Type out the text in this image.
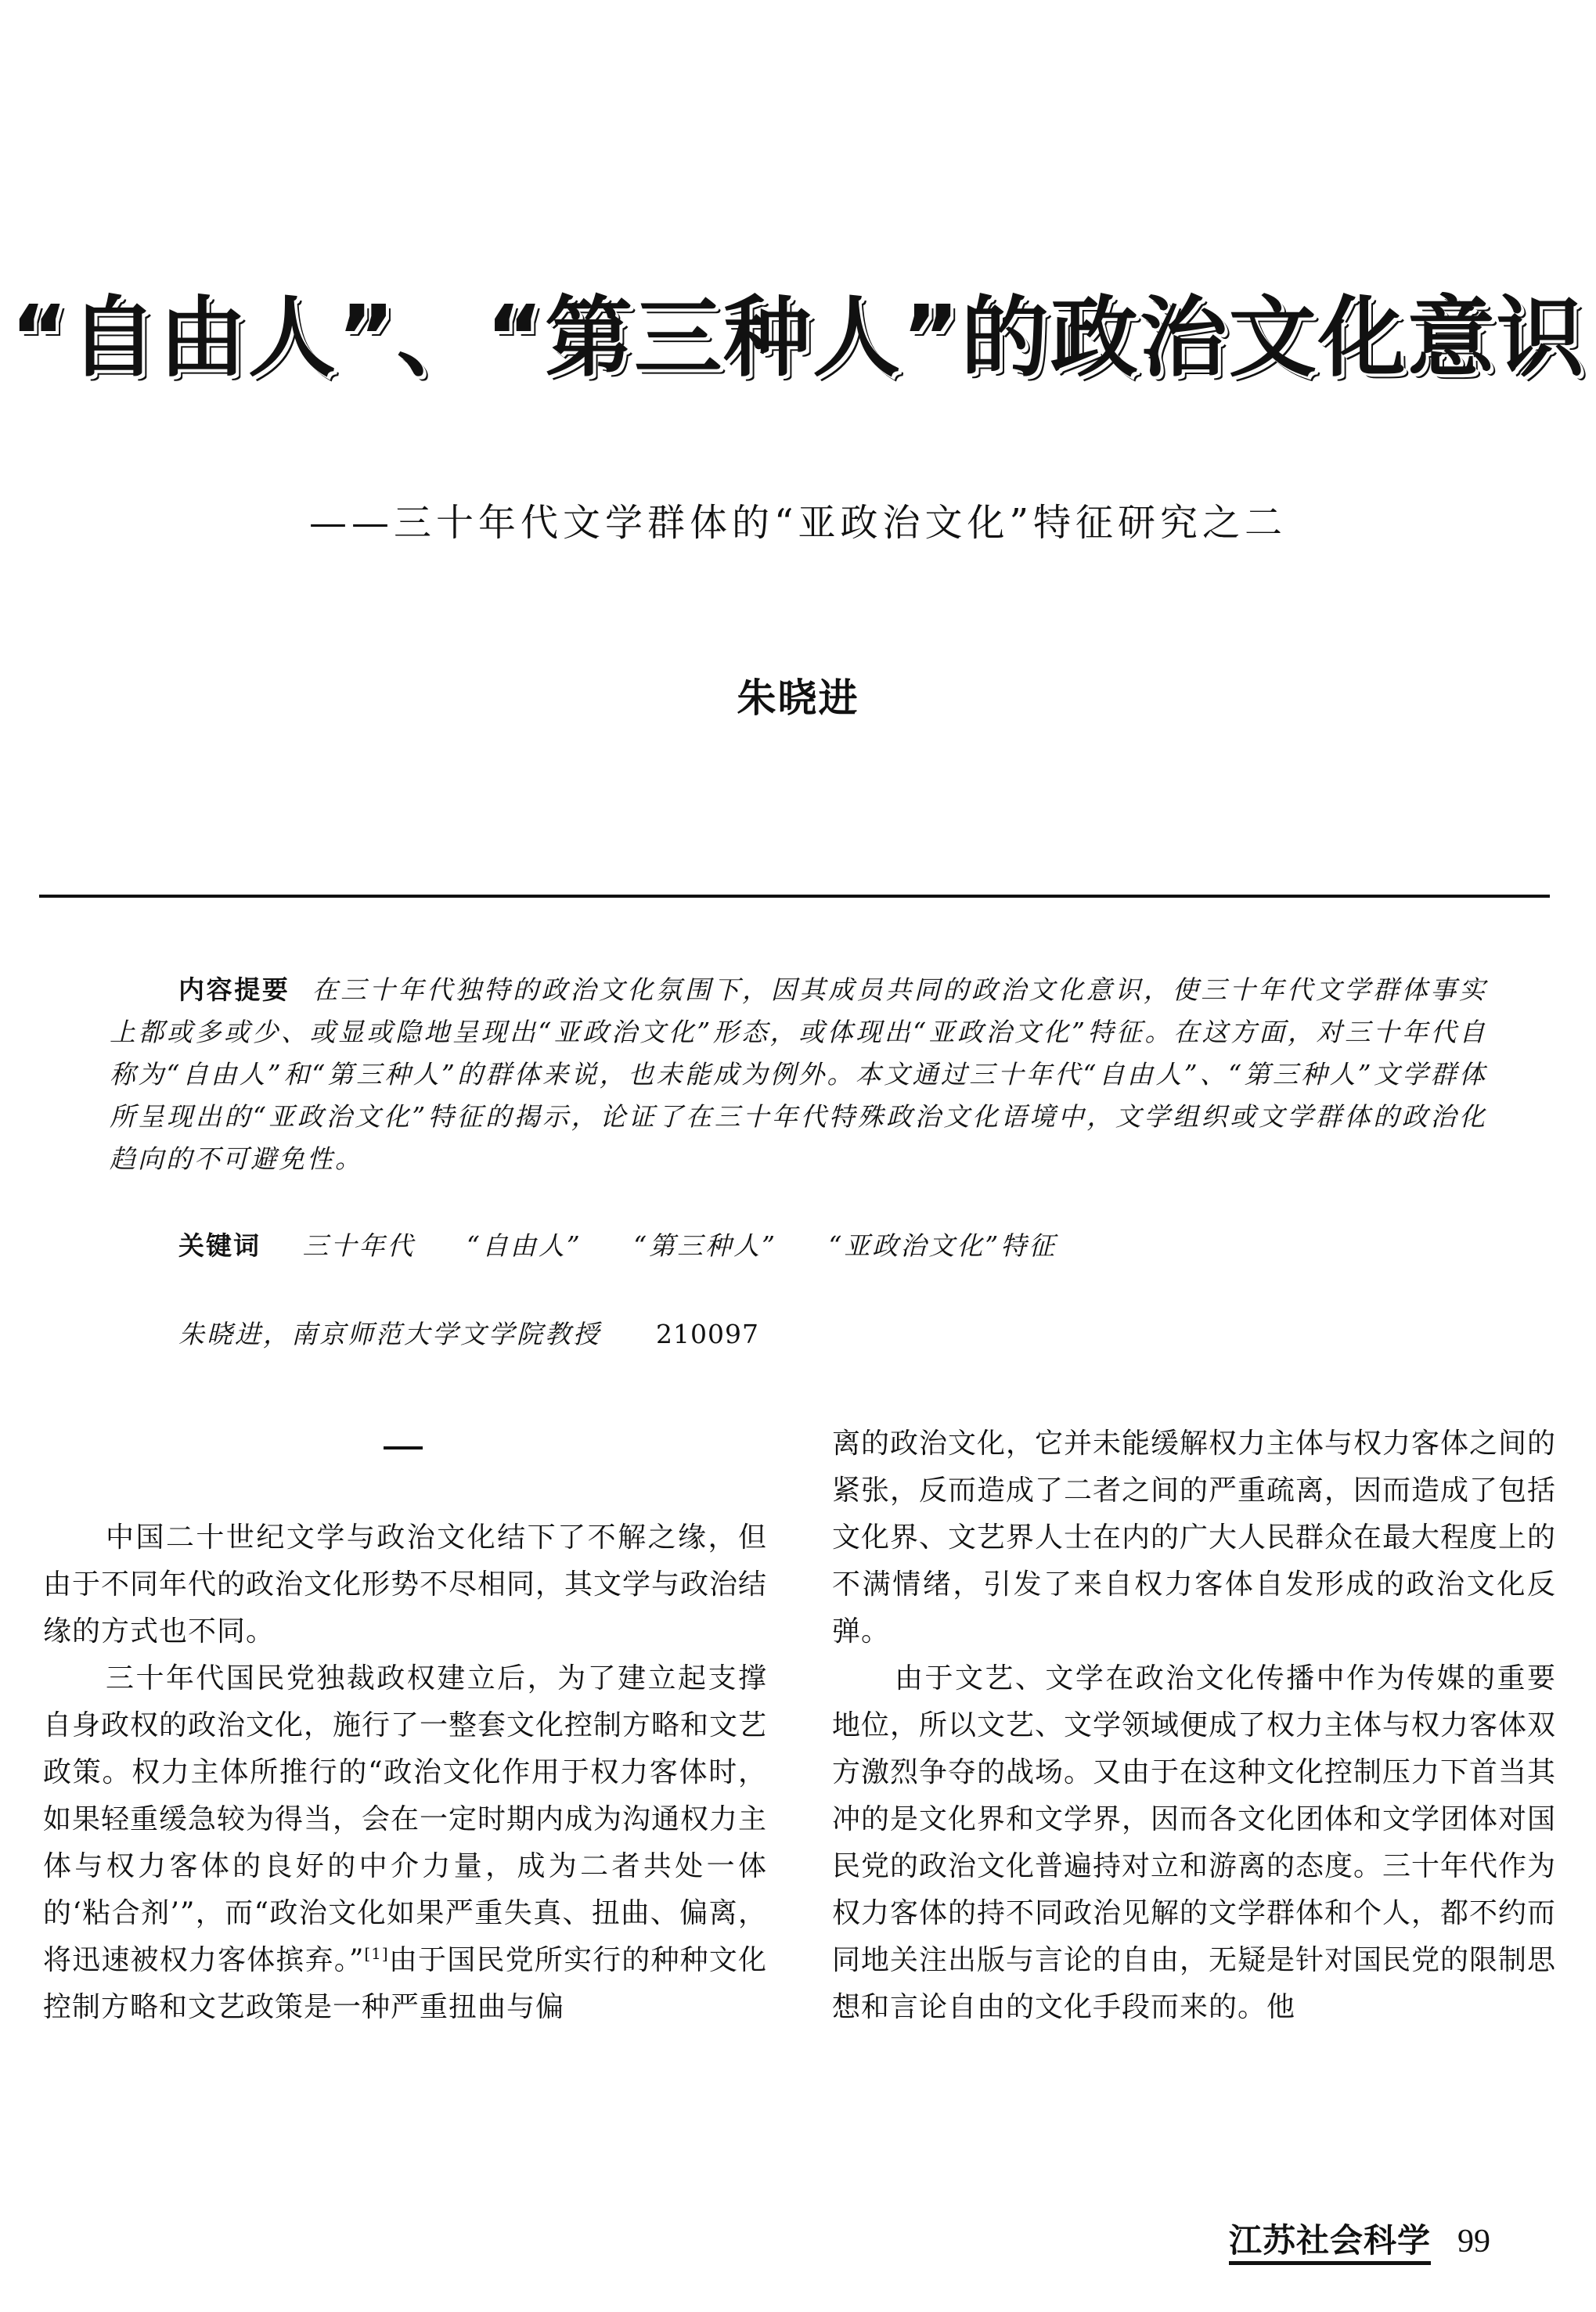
“自由人”、“第三种人”的政治文化意识
——三十年代文学群体的“亚政治文化”特征研究之二
朱晓进
内容提要 在三十年代独特的政治文化氛围下，因其成员共同的政治文化意识，使三十年代文学群体事实上都或多或少、或显或隐地呈现出“亚政治文化”形态，或体现出“亚政治文化”特征。在这方面，对三十年代自称为“自由人”和“第三种人”的群体来说，也未能成为例外。本文通过三十年代“自由人”、“第三种人”文学群体所呈现出的“亚政治文化”特征的揭示，论证了在三十年代特殊政治文化语境中，文学组织或文学群体的政治化趋向的不可避免性。
关键词 三十年代 “自由人” “第三种人” “亚政治文化”特征
朱晓进，南京师范大学文学院教授 210097

中国二十世纪文学与政治文化结下了不解之缘，但由于不同年代的政治文化形势不尽相同，其文学与政治结缘的方式也不同。

三十年代国民党独裁政权建立后，为了建立起支撑自身政权的政治文化，施行了一整套文化控制方略和文艺政策。权力主体所推行的“政治文化作用于权力客体时，如果轻重缓急较为得当，会在一定时期内成为沟通权力主体与权力客体的良好的中介力量，成为二者共处一体的‘粘合剂’”，而“政治文化如果严重失真、扭曲、偏离，将迅速被权力客体摈弃。”[1]由于国民党所实行的种种文化控制方略和文艺政策是一种严重扭曲与偏

离的政治文化，它并未能缓解权力主体与权力客体之间的紧张，反而造成了二者之间的严重疏离，因而造成了包括文化界、文艺界人士在内的广大人民群众在最大程度上的不满情绪，引发了来自权力客体自发形成的政治文化反弹。

由于文艺、文学在政治文化传播中作为传媒的重要地位，所以文艺、文学领域便成了权力主体与权力客体双方激烈争夺的战场。又由于在这种文化控制压力下首当其冲的是文化界和文学界，因而各文化团体和文学团体对国民党的政治文化普遍持对立和游离的态度。三十年代作为权力客体的持不同政治见解的文学群体和个人，都不约而同地关注出版与言论的自由，无疑是针对国民党的限制思想和言论自由的文化手段而来的。他

江苏社会科学 99
